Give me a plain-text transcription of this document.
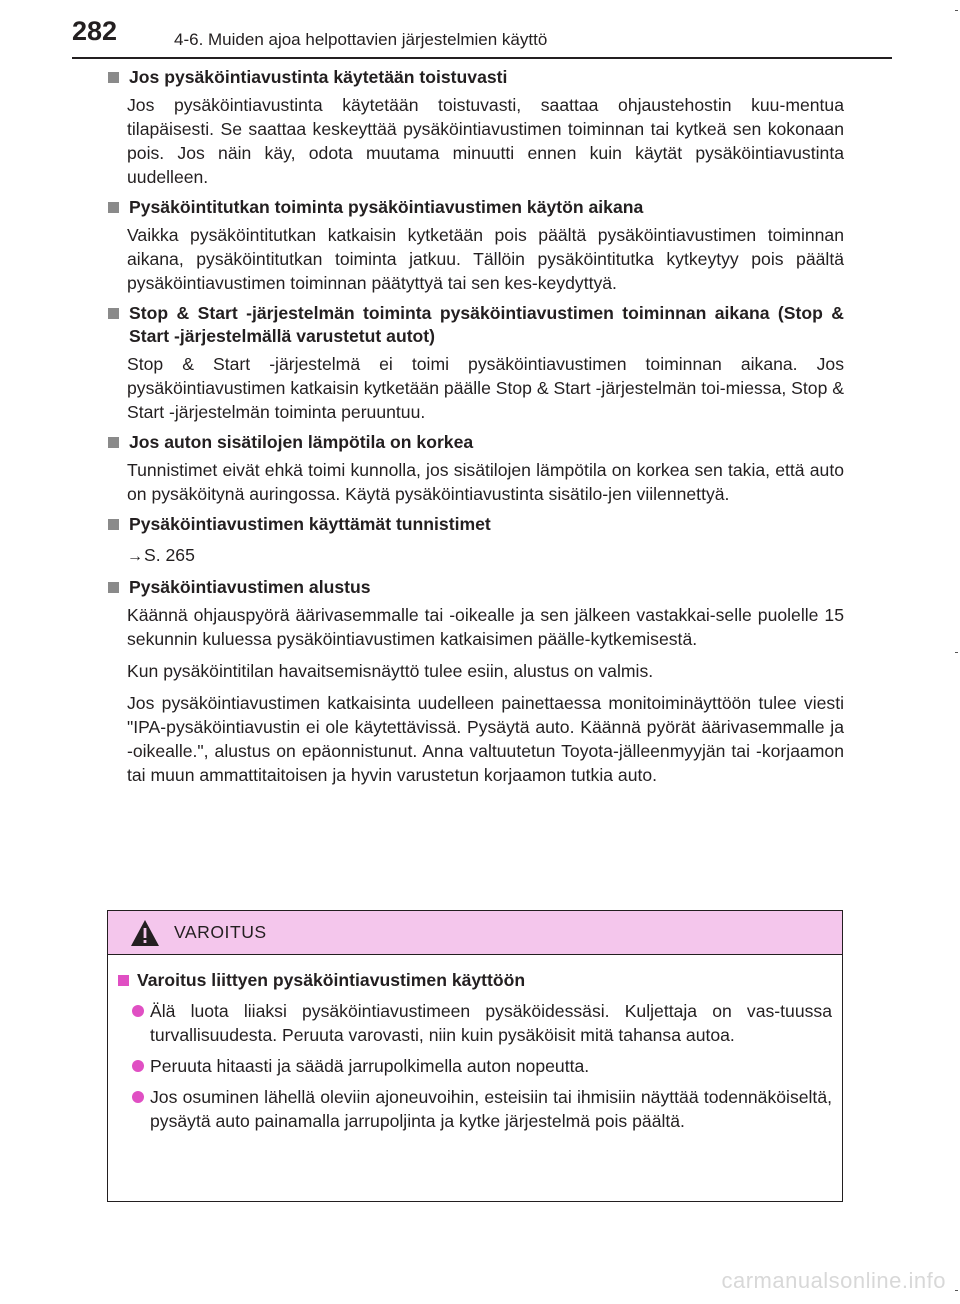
282	4-6. Muiden ajoa helpottavien järjestelmien käyttö
Jos pysäköintiavustinta käytetään toistuvasti
Jos pysäköintiavustinta käytetään toistuvasti, saattaa ohjaustehostin kuu-mentua tilapäisesti. Se saattaa keskeyttää pysäköintiavustimen toiminnan tai kytkeä sen kokonaan pois. Jos näin käy, odota muutama minuutti ennen kuin käytät pysäköintiavustinta uudelleen.
Pysäköintitutkan toiminta pysäköintiavustimen käytön aikana
Vaikka pysäköintitutkan katkaisin kytketään pois päältä pysäköintiavustimen toiminnan aikana, pysäköintitutkan toiminta jatkuu. Tällöin pysäköintitutka kytkeytyy pois päältä pysäköintiavustimen toiminnan päätyttyä tai sen kes-keydyttyä.
Stop & Start -järjestelmän toiminta pysäköintiavustimen toiminnan aikana (Stop & Start -järjestelmällä varustetut autot)
Stop & Start -järjestelmä ei toimi pysäköintiavustimen toiminnan aikana. Jos pysäköintiavustimen katkaisin kytketään päälle Stop & Start -järjestelmän toi-miessa, Stop & Start -järjestelmän toiminta peruuntuu.
Jos auton sisätilojen lämpötila on korkea
Tunnistimet eivät ehkä toimi kunnolla, jos sisätilojen lämpötila on korkea sen takia, että auto on pysäköitynä auringossa. Käytä pysäköintiavustinta sisätilo-jen viilennettyä.
Pysäköintiavustimen käyttämät tunnistimet
→S. 265
Pysäköintiavustimen alustus
Käännä ohjauspyörä äärivasemmalle tai -oikealle ja sen jälkeen vastakkai-selle puolelle 15 sekunnin kuluessa pysäköintiavustimen katkaisimen päälle-kytkemisestä.
Kun pysäköintitilan havaitsemisnäyttö tulee esiin, alustus on valmis.
Jos pysäköintiavustimen katkaisinta uudelleen painettaessa monitoiminäyttöön tulee viesti "IPA-pysäköintiavustin ei ole käytettävissä. Pysäytä auto. Käännä pyörät äärivasemmalle ja -oikealle.", alustus on epäonnistunut. Anna valtuutetun Toyota-jälleenmyyjän tai -korjaamon tai muun ammattitaitoisen ja hyvin varustetun korjaamon tutkia auto.
VAROITUS
Varoitus liittyen pysäköintiavustimen käyttöön
Älä luota liiaksi pysäköintiavustimeen pysäköidessäsi. Kuljettaja on vas-tuussa turvallisuudesta. Peruuta varovasti, niin kuin pysäköisit mitä tahansa autoa.
Peruuta hitaasti ja säädä jarrupolkimella auton nopeutta.
Jos osuminen lähellä oleviin ajoneuvoihin, esteisiin tai ihmisiin näyttää todennäköiseltä, pysäytä auto painamalla jarrupoljinta ja kytke järjestelmä pois päältä.
carmanualsonline.info
